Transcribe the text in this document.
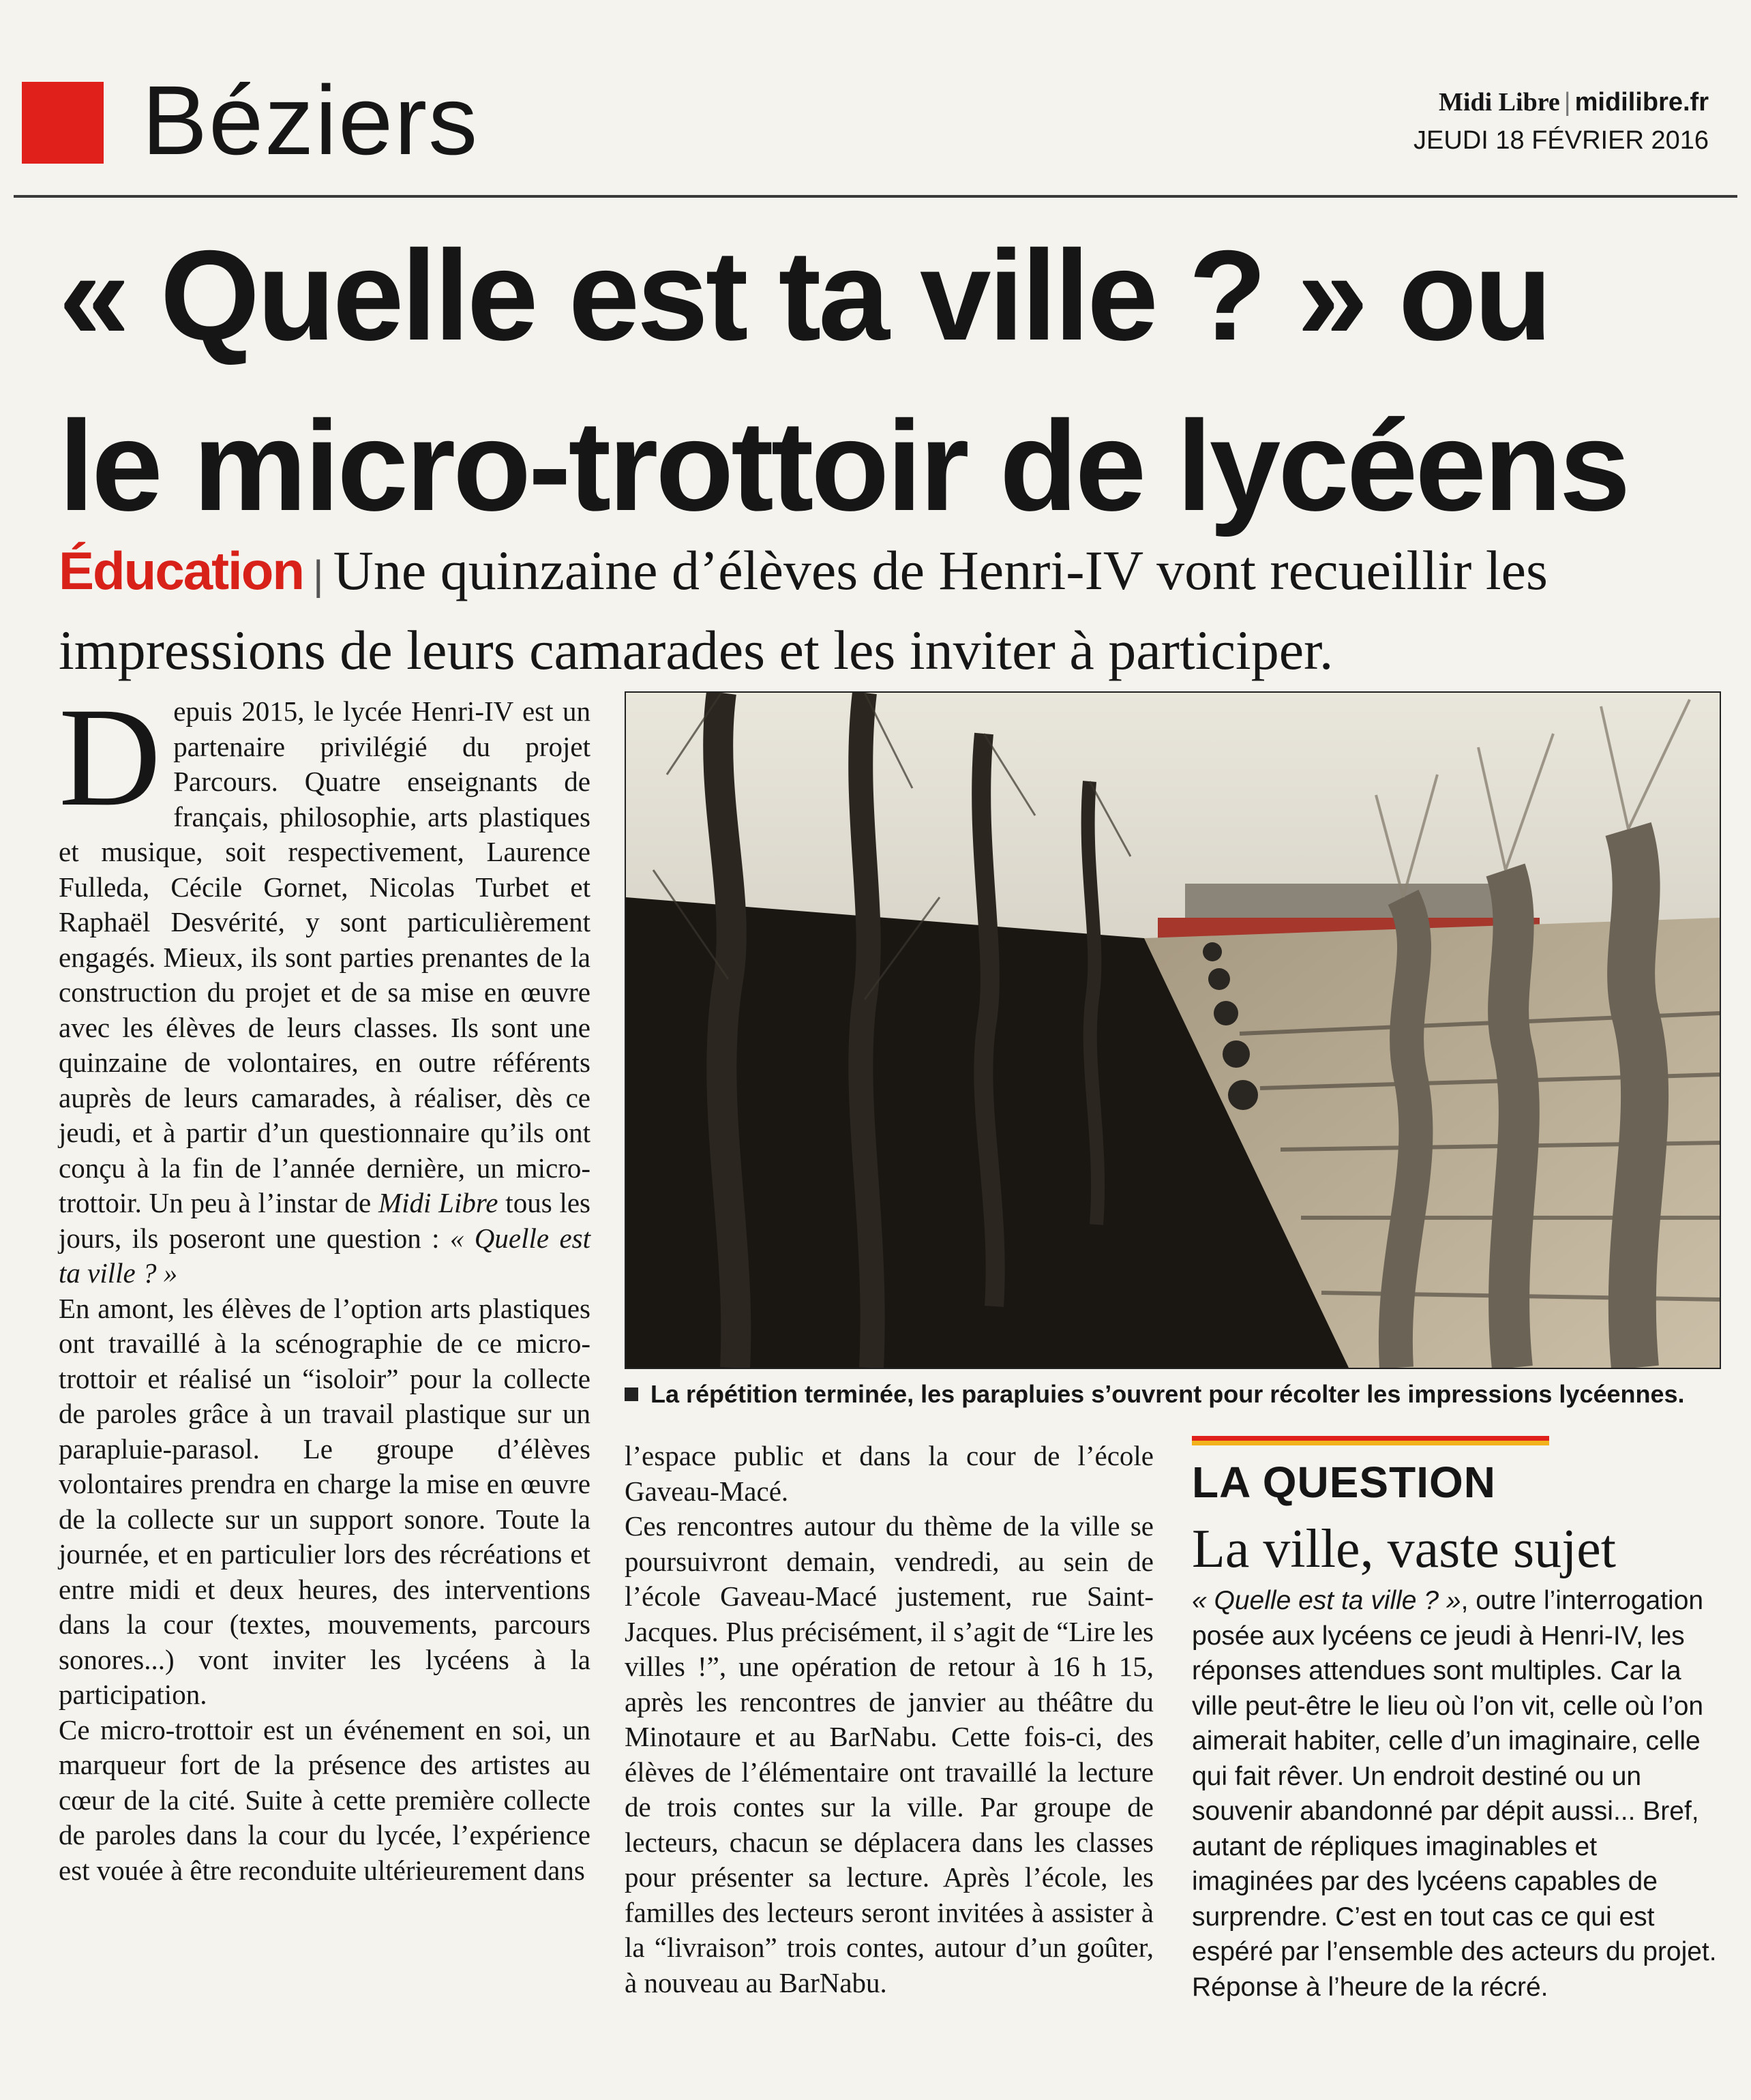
Béziers	Midi Libre | midilibre.fr
JEUDI 18 FÉVRIER 2016
« Quelle est ta ville ? » ou
le micro-trottoir de lycéens
Éducation | Une quinzaine d’élèves de Henri-IV vont recueillir les impressions de leurs camarades et les inviter à participer.

Depuis 2015, le lycée Henri-IV est un partenaire privilégié du projet Parcours. Quatre enseignants de français, philosophie, arts plastiques et musique, soit respectivement, Laurence Fulleda, Cécile Gornet, Nicolas Turbet et Raphaël Desvérité, y sont particulièrement engagés. Mieux, ils sont parties prenantes de la construction du projet et de sa mise en œuvre avec les élèves de leurs classes. Ils sont une quinzaine de volontaires, en outre référents auprès de leurs camarades, à réaliser, dès ce jeudi, et à partir d’un questionnaire qu’ils ont conçu à la fin de l’année dernière, un micro-trottoir. Un peu à l’instar de Midi Libre tous les jours, ils poseront une question : « Quelle est ta ville ? »

En amont, les élèves de l’option arts plastiques ont travaillé à la scénographie de ce micro-trottoir et réalisé un “isoloir” pour la collecte de paroles grâce à un travail plastique sur un parapluie-parasol. Le groupe d’élèves volontaires prendra en charge la mise en œuvre de la collecte sur un support sonore. Toute la journée, et en particulier lors des récréations et entre midi et deux heures, des interventions dans la cour (textes, mouvements, parcours sonores...) vont inviter les lycéens à la participation.

Ce micro-trottoir est un événement en soi, un marqueur fort de la présence des artistes au cœur de la cité. Suite à cette première collecte de paroles dans la cour du lycée, l’expérience est vouée à être reconduite ultérieurement dans

La répétition terminée, les parapluies s’ouvrent pour récolter les impressions lycéennes.

l’espace public et dans la cour de l’école Gaveau-Macé.

Ces rencontres autour du thème de la ville se poursuivront demain, vendredi, au sein de l’école Gaveau-Macé justement, rue Saint-Jacques. Plus précisément, il s’agit de “Lire les villes !”, une opération de retour à 16 h 15, après les rencontres de janvier au théâtre du Minotaure et au BarNabu. Cette fois-ci, des élèves de l’élémentaire ont travaillé la lecture de trois contes sur la ville. Par groupe de lecteurs, chacun se déplacera dans les classes pour présenter sa lecture. Après l’école, les familles des lecteurs seront invitées à assister à la “livraison” trois contes, autour d’un goûter, à nouveau au BarNabu.

LA QUESTION
La ville, vaste sujet
« Quelle est ta ville ? », outre l’interrogation posée aux lycéens ce jeudi à Henri-IV, les réponses attendues sont multiples. Car la ville peut-être le lieu où l’on vit, celle où l’on aimerait habiter, celle d’un imaginaire, celle qui fait rêver. Un endroit destiné ou un souvenir abandonné par dépit aussi... Bref, autant de répliques imaginables et imaginées par des lycéens capables de surprendre. C’est en tout cas ce qui est espéré par l’ensemble des acteurs du projet. Réponse à l’heure de la récré.
